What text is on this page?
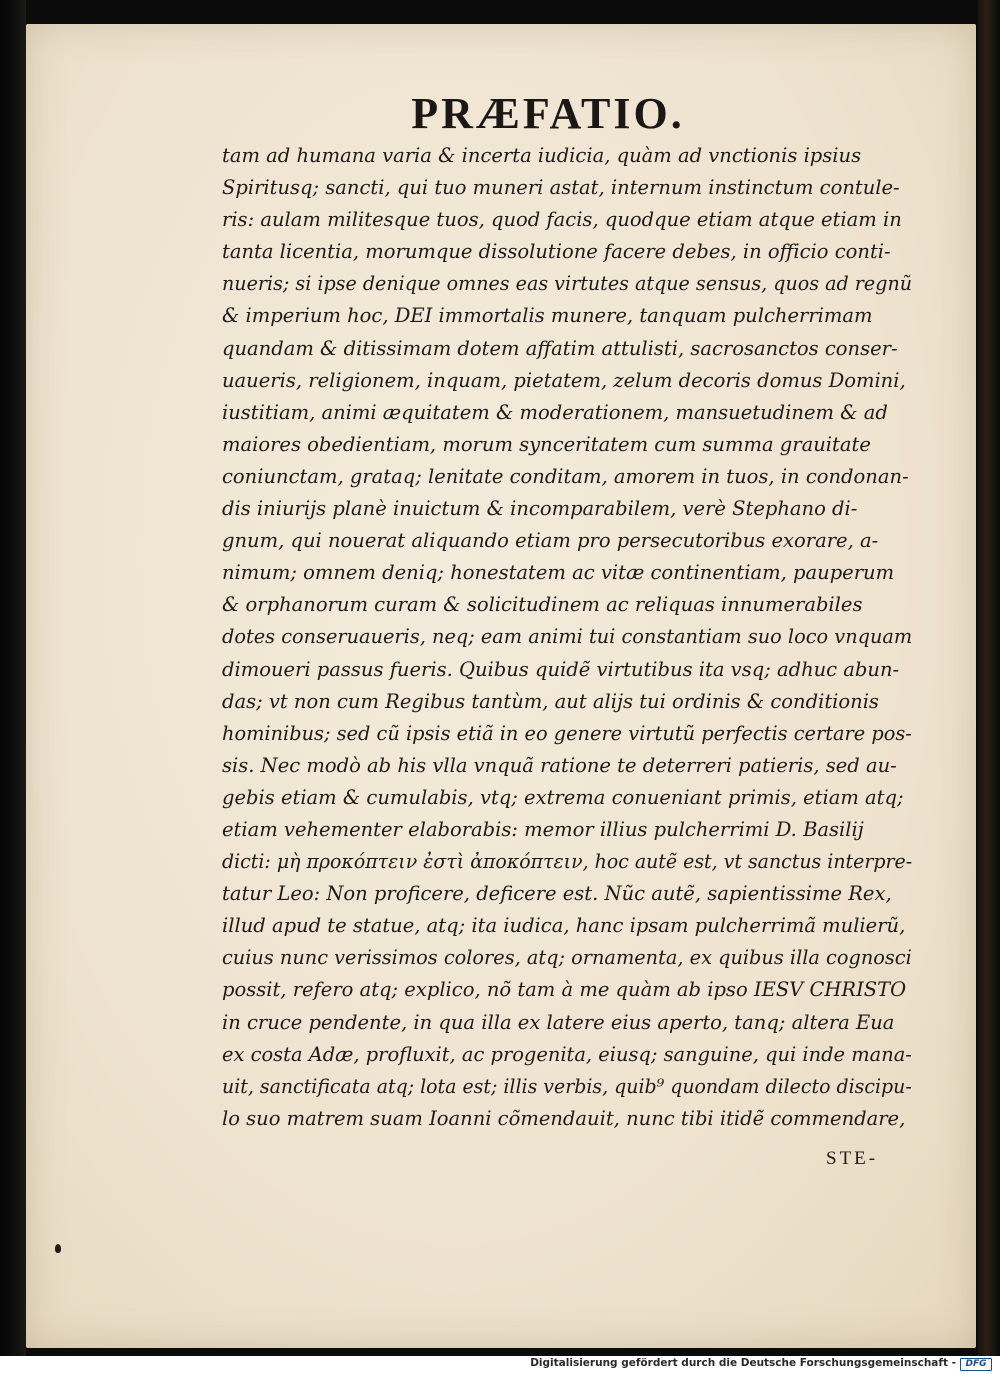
PRÆFATIO.
tam ad humana varia & incerta iudicia, quàm ad vnctionis ipsius
Spiritusq; sancti, qui tuo muneri astat, internum instinctum contule-
ris: aulam militesque tuos, quod facis, quodque etiam atque etiam in
tanta licentia, morumque dissolutione facere debes, in officio conti-
nueris; si ipse denique omnes eas virtutes atque sensus, quos ad regnũ
& imperium hoc, DEI immortalis munere, tanquam pulcherrimam
quandam & ditissimam dotem affatim attulisti, sacrosanctos conser-
uaueris, religionem, inquam, pietatem, zelum decoris domus Domini,
iustitiam, animi æquitatem & moderationem, mansuetudinem & ad
maiores obedientiam, morum synceritatem cum summa grauitate
coniunctam, grataq; lenitate conditam, amorem in tuos, in condonan-
dis iniurijs planè inuictum & incomparabilem, verè Stephano di-
gnum, qui nouerat aliquando etiam pro persecutoribus exorare, a-
nimum; omnem deniq; honestatem ac vitæ continentiam, pauperum
& orphanorum curam & solicitudinem ac reliquas innumerabiles
dotes conseruaueris, neq; eam animi tui constantiam suo loco vnquam
dimoueri passus fueris. Quibus quidẽ virtutibus ita vsq; adhuc abun-
das; vt non cum Regibus tantùm, aut alijs tui ordinis & conditionis
hominibus; sed cũ ipsis etiã in eo genere virtutũ perfectis certare pos-
sis. Nec modò ab his vlla vnquã ratione te deterreri patieris, sed au-
gebis etiam & cumulabis, vtq; extrema conueniant primis, etiam atq;
etiam vehementer elaborabis: memor illius pulcherrimi D. Basilij
dicti: μὴ προκόπτειν ἐστὶ ἀποκόπτειν, hoc autẽ est, vt sanctus interpre-
tatur Leo: Non proficere, deficere est. Nũc autẽ, sapientissime Rex,
illud apud te statue, atq; ita iudica, hanc ipsam pulcherrimã mulierũ,
cuius nunc verissimos colores, atq; ornamenta, ex quibus illa cognosci
possit, refero atq; explico, nõ tam à me quàm ab ipso IESV CHRISTO
in cruce pendente, in qua illa ex latere eius aperto, tanq; altera Eua
ex costa Adæ, profluxit, ac progenita, eiusq; sanguine, qui inde mana-
uit, sanctificata atq; lota est; illis verbis, quib⁹ quondam dilecto discipu-
lo suo matrem suam Ioanni cõmendauit, nunc tibi itidẽ commendare,
STE-
Digitalisierung gefördert durch die Deutsche Forschungsgemeinschaft -	DFG
